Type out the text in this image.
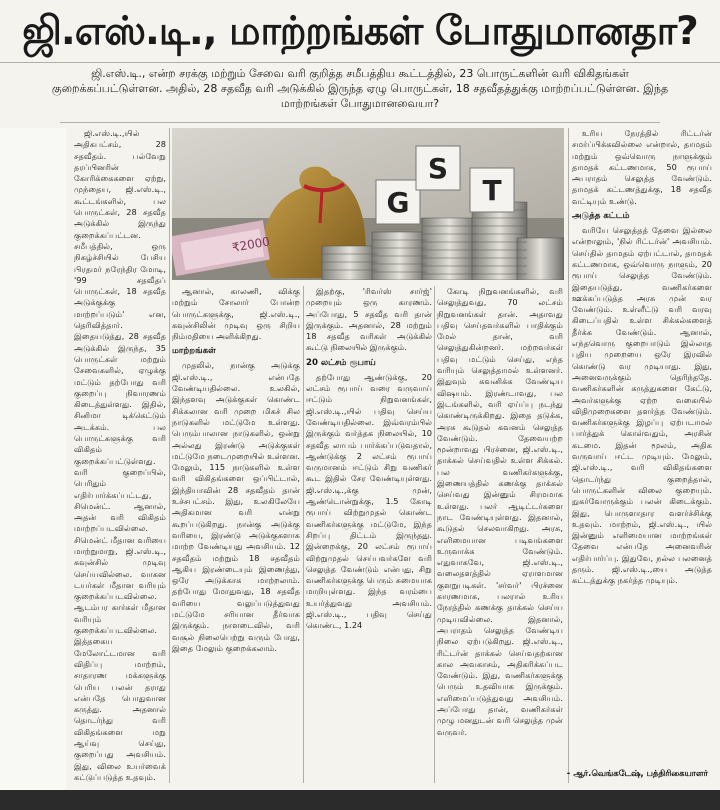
ஜி.எஸ்.டி., மாற்றங்கள் போதுமானதா?
ஜி.எஸ்.டி., என்ற சரக்கு மற்றும் சேவை வரி குறித்த சமீபத்திய கூட்டத்தில், 23 பொருட்களின் வரி விகிதங்கள் குறைக்கப்பட்டுள்ளன. அதில், 28 சதவீத வரி அடுக்கில் இருந்த ஏழு பொருட்கள், 18 சதவீதத்துக்கு மாற்றப்பட்டுள்ளன. இந்த மாற்றங்கள் போதுமானவையா?

ஜி.எஸ்.டி.,யில் அதிகபட்சம், 28 சதவீதம். பல்வேறு தரப்பினரின் கோரிக்கைகளை ஏற்று, முந்தைய, ஜி.எஸ்.டி., கூட்டங்களில், பல பொருட்கள், 28 சதவீத அடுக்கில் இருந்து குறைக்கப்பட்டன. சமீபத்தில், ஒரு நிகழ்ச்சியில் பேசிய பிரதமர் நரேந்திர மோடி, '99 சதவீதப் பொருட்கள், 18 சதவீத அடுக்குக்கு மாற்றப்படும்' என, தெரிவித்தார். இதையடுத்து, 28 சதவீத அடுக்கில் இருந்த, 35 பொருட்கள் மற்றும் சேவைகளில், ஏழுக்கு மட்டும் தற்போது வரி குறைப்பு நிவாரணம் கிடைத்துள்ளது. இதில், சினிமா டிக்கெட்டும் அடக்கம். பல பொருட்களுக்கு வரி விகிதம் குறைக்கப்பட்டுள்ளது. வரி குறைப்பில், பெரிதும் எதிர்பார்க்கப்பட்டது, சிமென்ட். ஆனால், அதன் வரி விகிதம் மாற்றப்படவில்லை. சிமென்ட் மீதான வரியை மாற்றுமாறு, ஜி.எஸ்.டி., கவுன்சில் முடிவு செய்யவில்லை. வாகன டயர்கள் மீதான வரியும் குறைக்கப்படவில்லை. ஆடம்பர கார்கள் மீதான வரியும் குறைக்கப்படவில்லை. இத்தகைய மேலோட்டமான வரி விதிப்பு மாற்றம், சாதாரண மக்களுக்கு பெரிய பலன் தராது என்பதே பொதுவான கருத்து. அதனால் தொடர்ந்து வரி விகிதங்களை மறு ஆய்வு செய்து, குறைப்பது அவசியம். இது, விலை உயர்வைக் கட்டுப்படுத்த உதவும்.

G
S
T
₹2000

ஆனால், காலணி, விக்கு மற்றும் சோலார் போன்ற பொருட்களுக்கு, ஜி.எஸ்.டி., கவுன்சிலின் முடிவு ஒரு சிறிய நிம்மதியை அளிக்கிறது.

மாற்றங்கள்

முதலில், நான்கு அடுக்கு ஜி.எஸ்.டி., என்பதே வேண்டியதில்லை. உலகில், இந்தளவு அடுக்குகள் கொண்ட சிக்கலான வரி முறை மிகச் சில நாடுகளில் மட்டுமே உள்ளது. பெரும்பாலான நாடுகளில், ஒன்று அல்லது இரண்டு அடுக்குகள் மட்டுமே நடைமுறையில் உள்ளன. மேலும், 115 நாடுகளில் உள்ள வரி விகிதங்களை ஒப்பிட்டால், இந்தியாவின் 28 சதவீதம் தான் உச்சபட்சம். இது, உலகிலேயே அதிகமான வரி என்று கூறப்படுகிறது. நான்கு அடுக்கு வரியை, இரண்டு அடுக்குகளாக மாற்ற வேண்டியது அவசியம். 12 சதவீதம் மற்றும் 18 சதவீதம் ஆகிய இரண்டையும் இணைத்து, ஒரே அடுக்காக மாற்றலாம். தற்போது மோதுவது, 18 சதவீத வரியை வலுப்படுத்துவது மட்டுமே சரியான தீர்வாக இருக்கும். நாளடைவில், வரி வசூல் நிலைபெற்று வரும் போது, இதை மேலும் குறைக்கலாம்.

இதற்கு, 'ரிவர்ஸ் சார்ஜ்' முறையும் ஒரு காரணம். அப்போது, 5 சதவீத வரி தான் இருக்கும். அதனால், 28 மற்றும் 18 சதவீத வரிகள் அடுக்கில் கூட்டு நிலையில் இருக்கும்.

20 லட்சம் ரூபாய்

தற்போது ஆண்டுக்கு, 20 லட்சம் ரூபாய் வரை வருவாய் ஈட்டும் நிறுவனங்கள், ஜி.எஸ்.டி.,யில் பதிவு செய்ய வேண்டியதில்லை. இவ்வரம்பில் இருக்கும் வர்த்தக நிலையில், 10 சதவீத லாபம் பார்க்கப்படுவதால், ஆண்டுக்கு 2 லட்சம் ரூபாய் வருமானம் ஈட்டும் சிறு வணிகர் கூட இதில் சேர வேண்டியுள்ளது. ஜி.எஸ்.டி.,க்கு முன், ஆண்டொன்றுக்கு, 1.5 கோடி ரூபாய் விற்றுமுதல் கொண்ட வணிகர்களுக்கு மட்டுமே, இந்த சிறப்பு திட்டம் இருந்தது. இன்றைக்கு, 20 லட்சம் ரூபாய் விற்றுமுதல் செய்பவர்களே வரி செலுத்த வேண்டும் என்பது, சிறு வணிகர்களுக்கு பெரும் சுமையாக மாறியுள்ளது. இந்த வரம்பை உயர்த்துவது அவசியம். ஜி.எஸ்.டி., பதிவு செய்து கொண்ட, 1.24

கோடி நிறுவனங்களில், வரி செலுத்துவது, 70 லட்சம் நிறுவனங்கள் தான். அதாவது பதிவு செய்தவர்களில் பாதிக்கும் மேல் தான், வரி செலுத்துகின்றனர். மற்றவர்கள் பதிவு மட்டும் செய்து, எந்த வரியும் செலுத்தாமல் உள்ளனர். இதுவும் கவனிக்க வேண்டிய விஷயம். இரண்டாவது, பல இடங்களில், வரி ஏய்ப்பு நடந்து கொண்டிருக்கிறது. இதை தடுக்க, அரசு கூடுதல் கவனம் செலுத்த வேண்டும். தேவையற்ற மூன்றாவது பிரச்னை, ஜி.எஸ்.டி., தாக்கல் செய்வதில் உள்ள சிக்கல். பல வணிகர்களுக்கு, இணையத்தில் கணக்கு தாக்கல் செய்வது இன்னும் சிரமமாக உள்ளது. பலர் ஆடிட்டர்களை நாட வேண்டியுள்ளது. இதனால், கூடுதல் செலவாகிறது. அரசு, எளிமையான படிவங்களை உருவாக்க வேண்டும். எதுவாகவே, ஜி.எஸ்.டி., வலைதளத்தில் ஏராளமான குளறுபடிகள். 'சர்வர்' பிரச்னை காரணமாக, பலரால் உரிய நேரத்தில் கணக்கு தாக்கல் செய்ய முடியவில்லை. இதனால், அபராதம் செலுத்த வேண்டிய நிலை ஏற்படுகிறது. ஜி.எஸ்.டி., ரிட்டர்ன் தாக்கல் செய்வதற்கான கால அவகாசம், அதிகரிக்கப்பட வேண்டும். இது, வணிகர்களுக்கு பெரும் உதவியாக இருக்கும். எளிமைப்படுத்துவது அவசியம். அப்போது தான், வணிகர்கள் முழு மனதுடன் வரி செலுத்த முன் வருவர்.

உரிய நேரத்தில் ரிட்டர்ன் சமர்ப்பிக்கவில்லை என்றால், தாமதம் மற்றும் ஒவ்வொரு நாளுக்கும் தாமதக் கட்டணமாக, 50 ரூபாய் அபராதம் செலுத்த வேண்டும். தாமதக் கட்டணத்துக்கு, 18 சதவீத வட்டியும் உண்டு.

அடுத்த கட்டம்

வரியே செலுத்தத் தேவை இல்லை என்றாலும், 'நில் ரிட்டர்ன்' அவசியம். செய்தில் தாமதம் ஏற்பட்டால், தாமதக் கட்டணமாக, ஒவ்வொரு நாளும், 20 ரூபாய் செலுத்த வேண்டும். இதையடுத்து, வணிகர்களை ஊக்கப்படுத்த அரசு முன் வர வேண்டும். உள்ளீட்டு வரி வரவு கிடைப்பதில் உள்ள சிக்கல்களைத் தீர்க்க வேண்டும். ஆனால், எந்தவொரு குறைபாடும் இல்லாத புதிய முறையை ஒரே இரவில் கொண்டு வர முடியாது. இது, அனைவருக்கும் தெரிந்ததே. வணிகர்களின் கருத்துகளை கேட்டு, அவர்களுக்கு ஏற்ற வகையில் விதிமுறைகளை தளர்த்த வேண்டும். வணிகர்களுக்கு இழப்பு ஏற்படாமல் பார்த்துக் கொள்வதும், அரசின் கடமை. இதன் மூலம், அதிக வருவாய் ஈட்ட முடியும். மேலும், ஜி.எஸ்.டி., வரி விகிதங்களை தொடர்ந்து குறைத்தால், பொருட்களின் விலை குறையும். நுகர்வோருக்கும் பலன் கிடைக்கும். இது, பொருளாதார வளர்ச்சிக்கு உதவும். மாற்றம், ஜி.எஸ்.டி., யில் இன்னும் எளிமையான மாற்றங்கள் தேவை என்பதே அனைவரின் எதிர்பார்ப்பு. இதுவே, நல்ல பலனைத் தரும். ஜி.எஸ்.டி.,யை அடுத்த கட்டத்துக்கு நகர்த்த முடியும்.

- ஆர்.வெங்கடேஷ், பத்திரிகையாளர்
